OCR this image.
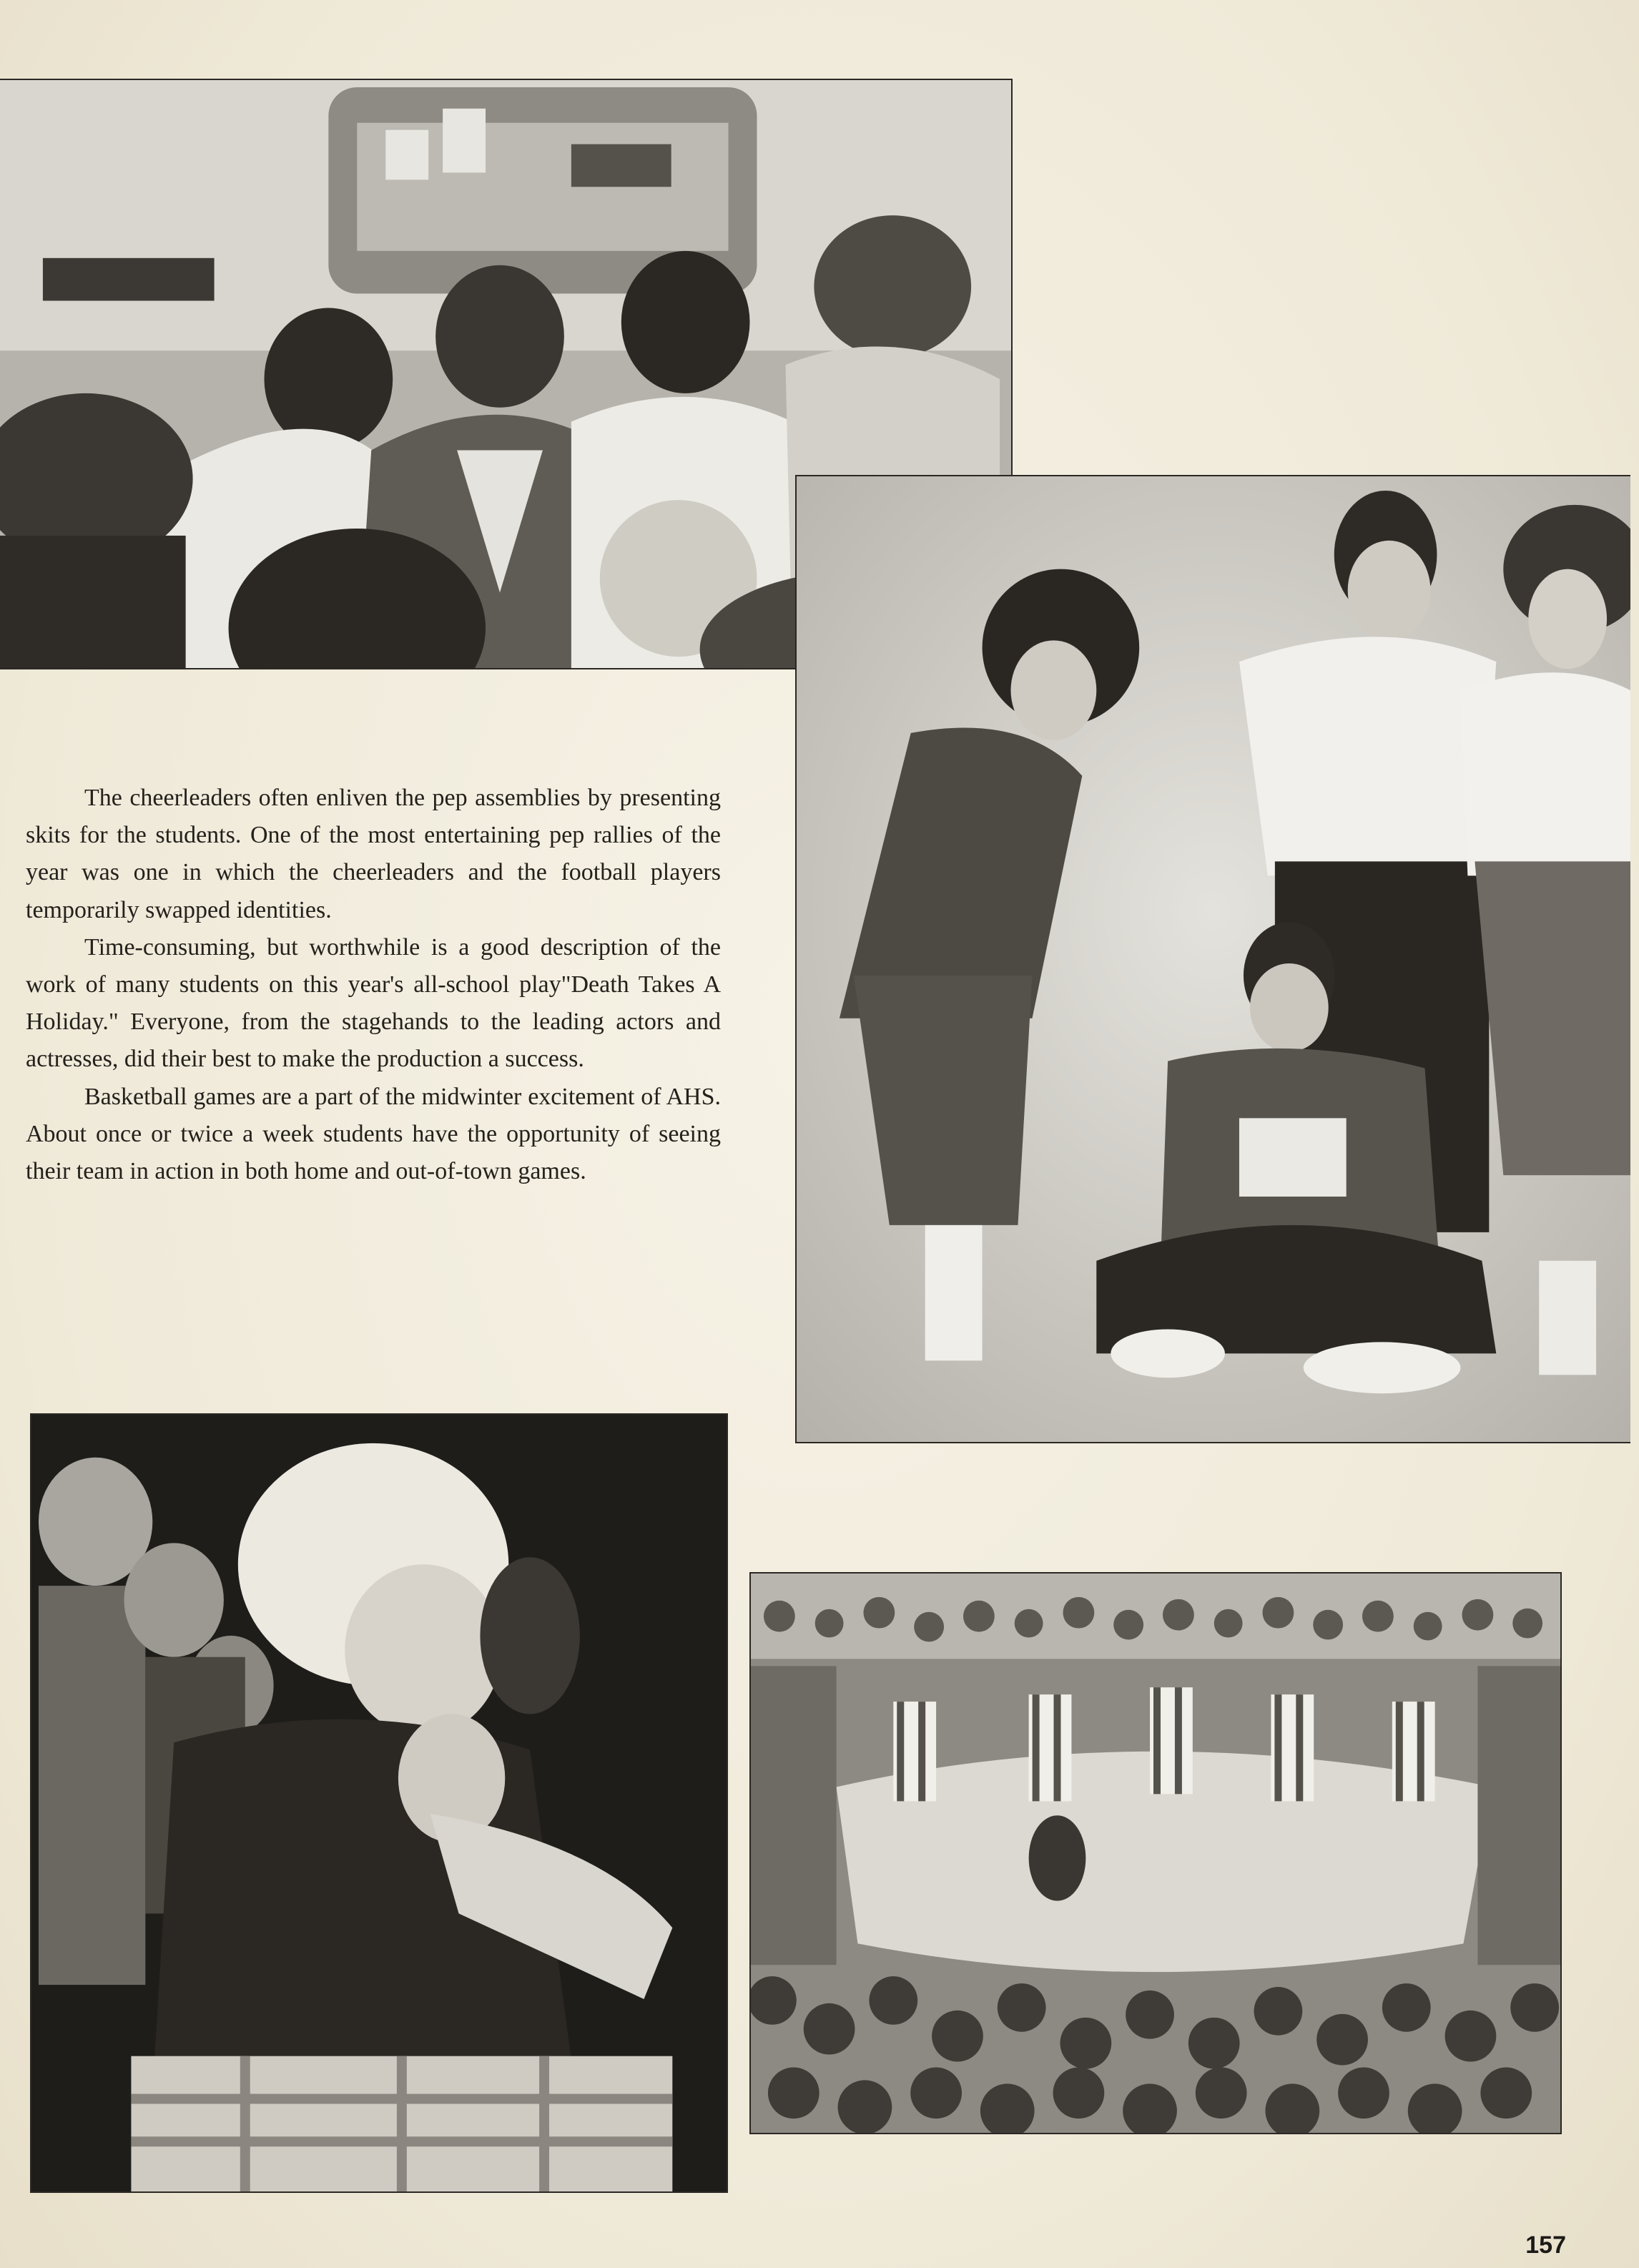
The cheerleaders often enliven the pep assemblies by presenting skits for the students. One of the most entertaining pep rallies of the year was one in which the cheerleaders and the football players temporarily swapped identities.

Time-consuming, but worthwhile is a good description of the work of many students on this year's all-school play"Death Takes A Holiday." Everyone, from the stagehands to the leading actors and actresses, did their best to make the production a success.

Basketball games are a part of the midwinter excitement of AHS. About once or twice a week students have the opportunity of seeing their team in action in both home and out-of-town games.

157
